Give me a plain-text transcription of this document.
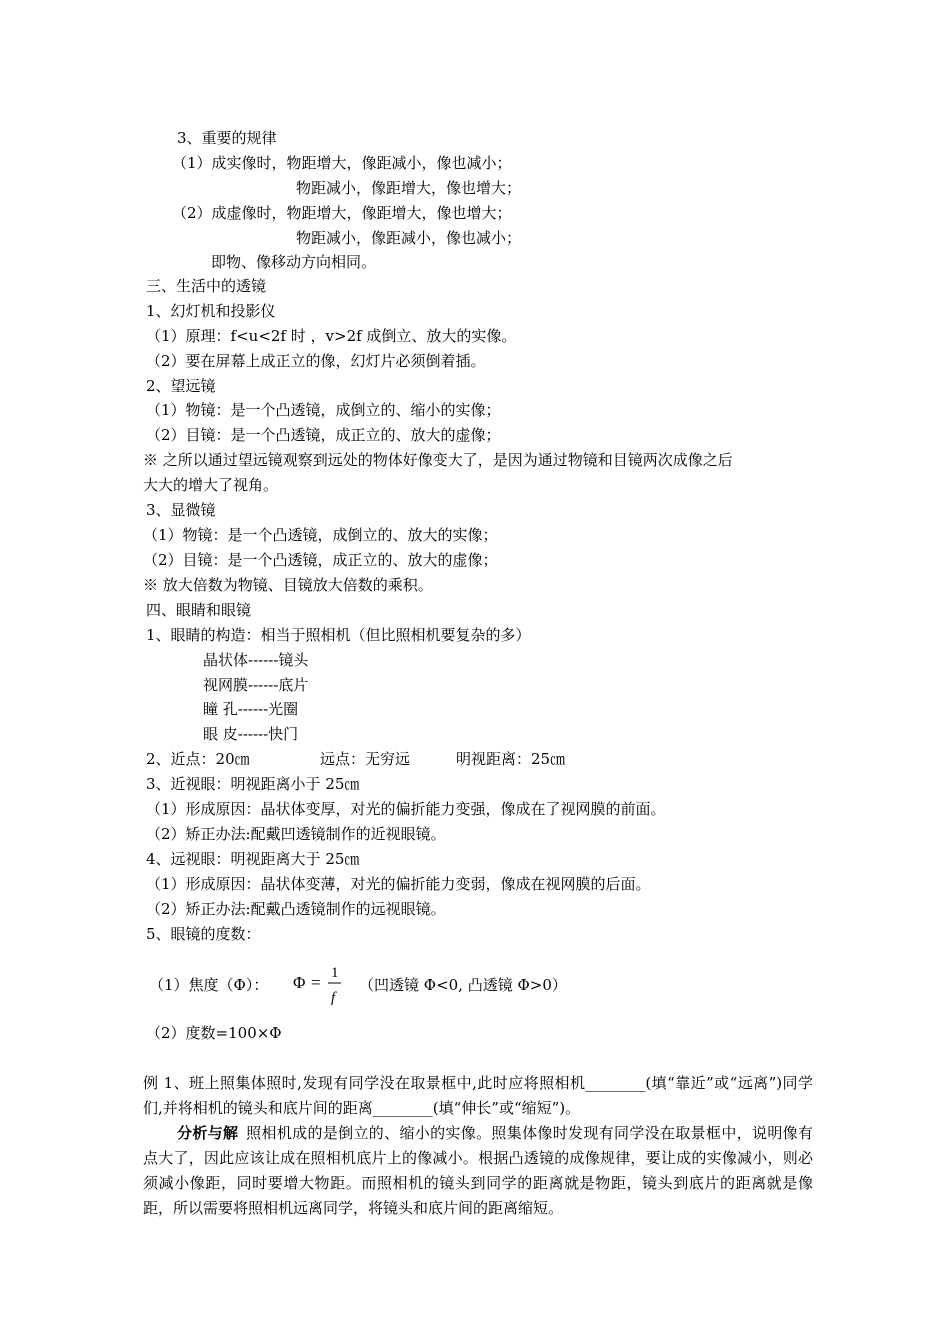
3、重要的规律
（1）成实像时，物距增大，像距减小，像也减小；
物距减小，像距增大，像也增大；
（2）成虚像时，物距增大，像距增大，像也增大；
物距减小，像距减小，像也减小；
即物、像移动方向相同。
三、生活中的透镜
1、幻灯机和投影仪
（1）原理：f<u<2f 时 ，v>2f 成倒立、放大的实像。
（2）要在屏幕上成正立的像，幻灯片必须倒着插。
2、望远镜
（1）物镜：是一个凸透镜，成倒立的、缩小的实像；
（2）目镜：是一个凸透镜，成正立的、放大的虚像；
※ 之所以通过望远镜观察到远处的物体好像变大了，是因为通过物镜和目镜两次成像之后
大大的增大了视角。
3、显微镜
（1）物镜：是一个凸透镜，成倒立的、放大的实像；
（2）目镜：是一个凸透镜，成正立的、放大的虚像；
※ 放大倍数为物镜、目镜放大倍数的乘积。
四、眼睛和眼镜
1、眼睛的构造：相当于照相机（但比照相机要复杂的多）
晶状体------镜头
视网膜------底片
瞳 孔------光圈
眼 皮------快门
2、近点：20㎝	远点：无穷远	明视距离：25㎝
3、近视眼：明视距离小于 25㎝
（1）形成原因：晶状体变厚，对光的偏折能力变强，像成在了视网膜的前面。
（2）矫正办法:配戴凹透镜制作的近视眼镜。
4、远视眼：明视距离大于 25㎝
（1）形成原因：晶状体变薄，对光的偏折能力变弱，像成在视网膜的后面。
（2）矫正办法:配戴凸透镜制作的远视眼镜。
5、眼镜的度数：
（1）焦度（Φ）： Φ = 1
f
（凹透镜 Φ<0, 凸透镜 Φ>0）
（2）度数=100×Φ
例 1、班上照集体照时,发现有同学没在取景框中,此时应将照相机________(填“靠近”或“远离”)同学们,并将相机的镜头和底片间的距离________(填“伸长”或“缩短”)。
分析与解  照相机成的是倒立的、缩小的实像。照集体像时发现有同学没在取景框中，说明像有点大了，因此应该让成在照相机底片上的像减小。根据凸透镜的成像规律，要让成的实像减小，则必须减小像距，同时要增大物距。而照相机的镜头到同学的距离就是物距，镜头到底片的距离就是像距，所以需要将照相机远离同学，将镜头和底片间的距离缩短。
